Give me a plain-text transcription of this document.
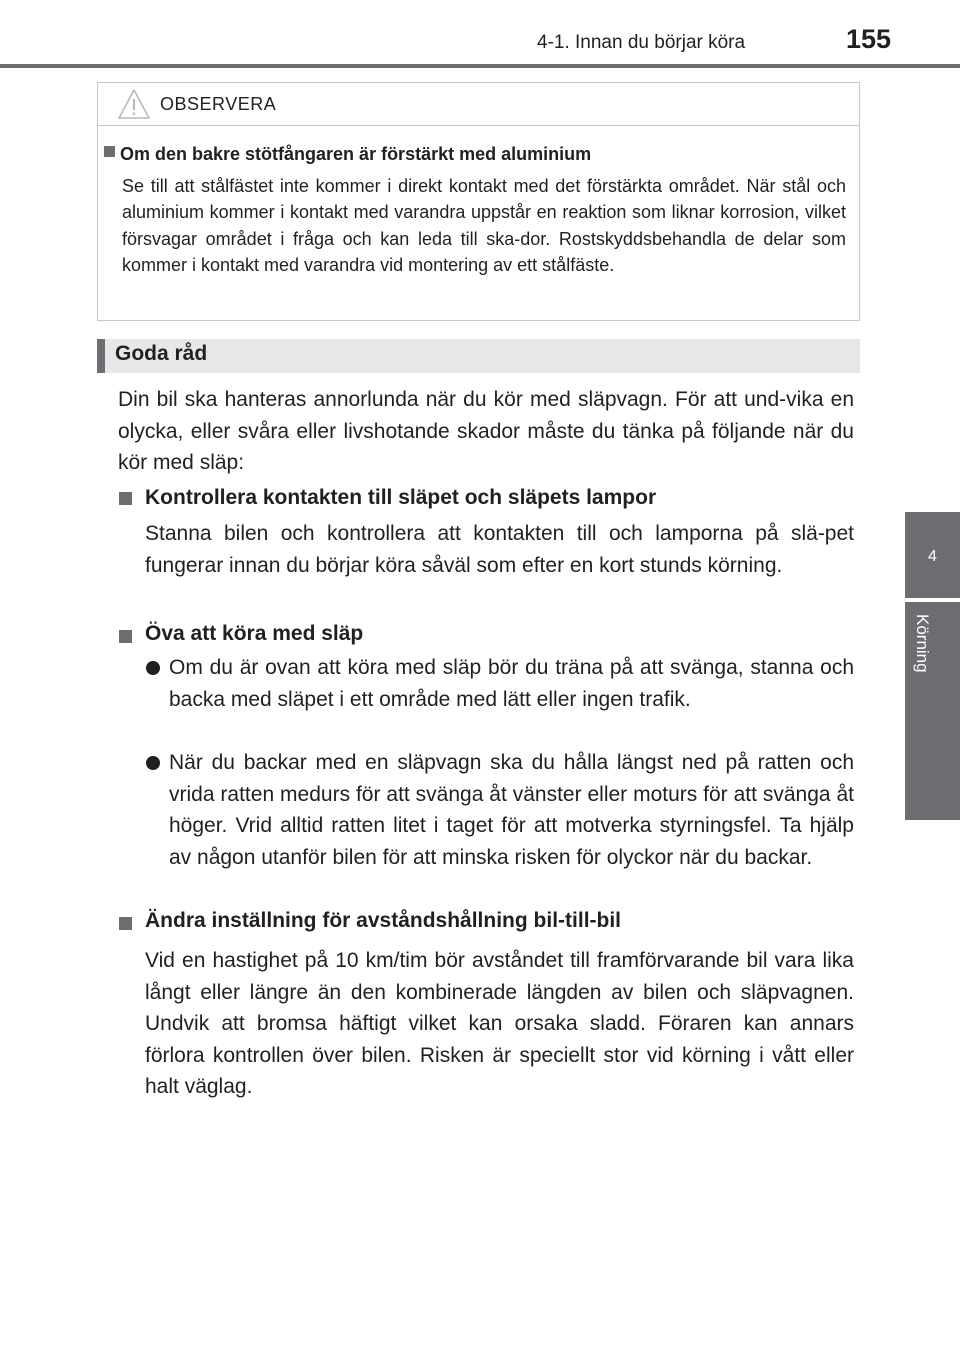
4-1. Innan du börjar köra	155
4
Körning
OBSERVERA
Om den bakre stötfångaren är förstärkt med aluminium

Se till att stålfästet inte kommer i direkt kontakt med det förstärkta området. När stål och aluminium kommer i kontakt med varandra uppstår en reaktion som liknar korrosion, vilket försvagar området i fråga och kan leda till ska-dor. Rostskyddsbehandla de delar som kommer i kontakt med varandra vid montering av ett stålfäste.

Goda råd

Din bil ska hanteras annorlunda när du kör med släpvagn. För att und-vika en olycka, eller svåra eller livshotande skador måste du tänka på följande när du kör med släp:

Kontrollera kontakten till släpet och släpets lampor

Stanna bilen och kontrollera att kontakten till och lamporna på slä-pet fungerar innan du börjar köra såväl som efter en kort stunds körning.

Öva att köra med släp

Om du är ovan att köra med släp bör du träna på att svänga, stanna och backa med släpet i ett område med lätt eller ingen trafik.

När du backar med en släpvagn ska du hålla längst ned på ratten och vrida ratten medurs för att svänga åt vänster eller moturs för att svänga åt höger. Vrid alltid ratten litet i taget för att motverka styrningsfel. Ta hjälp av någon utanför bilen för att minska risken för olyckor när du backar.

Ändra inställning för avståndshållning bil-till-bil

Vid en hastighet på 10 km/tim bör avståndet till framförvarande bil vara lika långt eller längre än den kombinerade längden av bilen och släpvagnen. Undvik att bromsa häftigt vilket kan orsaka sladd. Föraren kan annars förlora kontrollen över bilen. Risken är speciellt stor vid körning i vått eller halt väglag.
